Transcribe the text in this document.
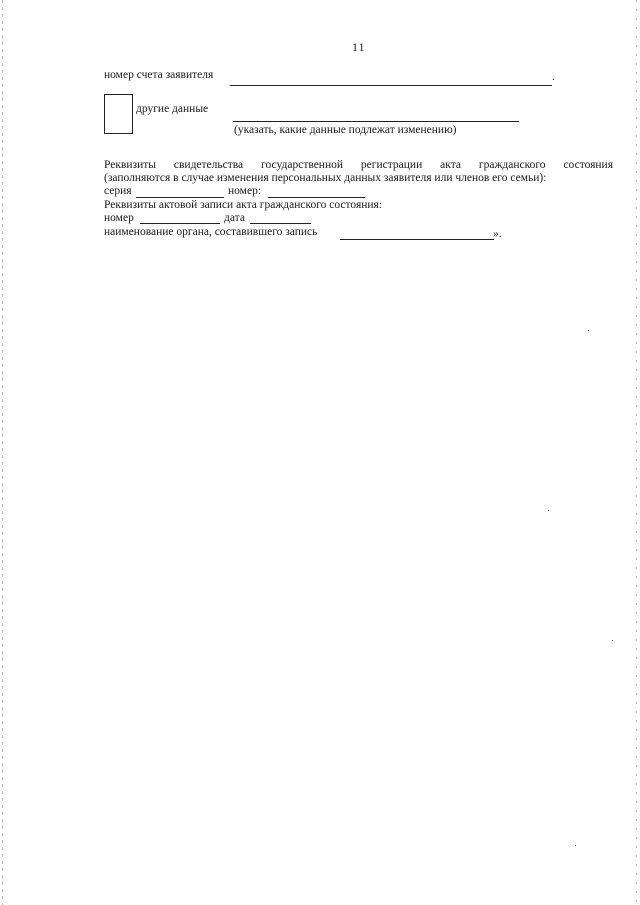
11
номер счета заявителя	.
другие данные
(указать, какие данные подлежат изменению)
Реквизиты свидетельства государственной регистрации акта гражданского состояния
(заполняются в случае изменения персональных данных заявителя или членов его семьи):
серия	номер:
Реквизиты актовой записи акта гражданского состояния:
номер	дата
наименование органа, составившего запись	».
